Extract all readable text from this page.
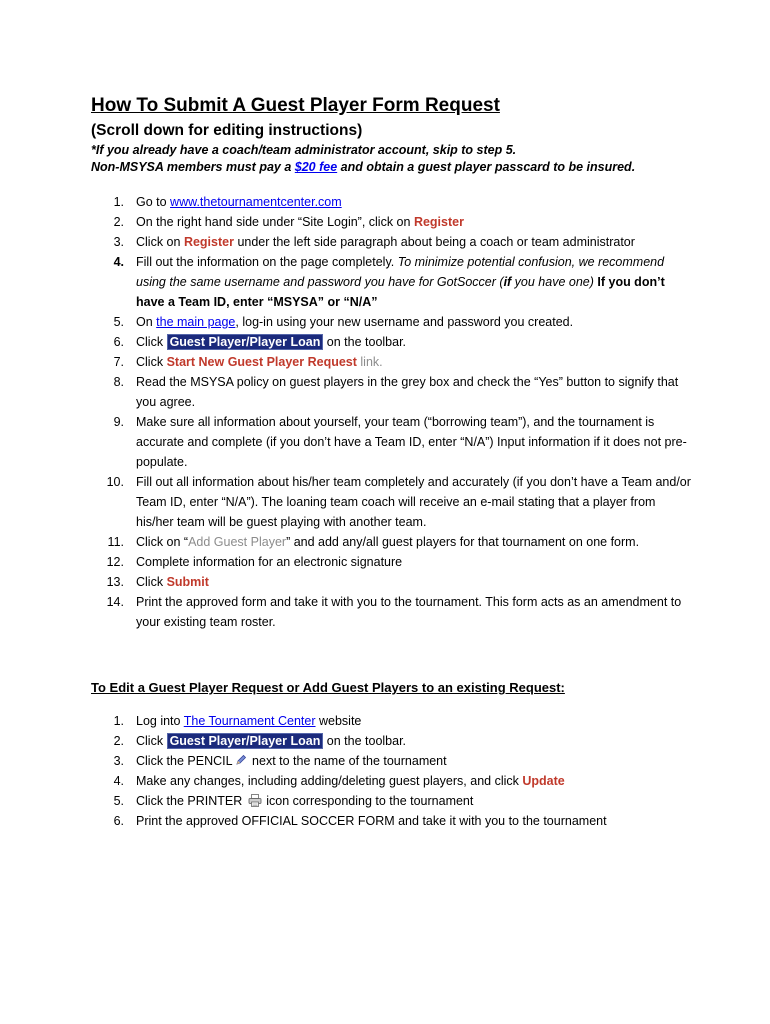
How To Submit A Guest Player Form Request
(Scroll down for editing instructions)
*If you already have a coach/team administrator account, skip to step 5.
Non-MSYSA members must pay a $20 fee and obtain a guest player passcard to be insured.
1. Go to www.thetournamentcenter.com
2. On the right hand side under “Site Login”, click on Register
3. Click on Register under the left side paragraph about being a coach or team administrator
4. Fill out the information on the page completely. To minimize potential confusion, we recommend using the same username and password you have for GotSoccer (if you have one) If you don’t have a Team ID, enter “MSYSA” or “N/A”
5. On the main page, log-in using your new username and password you created.
6. Click Guest Player/Player Loan on the toolbar.
7. Click Start New Guest Player Request link.
8. Read the MSYSA policy on guest players in the grey box and check the “Yes” button to signify that you agree.
9. Make sure all information about yourself, your team (“borrowing team”), and the tournament is accurate and complete (if you don’t have a Team ID, enter “N/A”) Input information if it does not pre-populate.
10. Fill out all information about his/her team completely and accurately (if you don’t have a Team and/or Team ID, enter “N/A”). The loaning team coach will receive an e-mail stating that a player from his/her team will be guest playing with another team.
11. Click on “Add Guest Player” and add any/all guest players for that tournament on one form.
12. Complete information for an electronic signature
13. Click Submit
14. Print the approved form and take it with you to the tournament. This form acts as an amendment to your existing team roster.
To Edit a Guest Player Request or Add Guest Players to an existing Request:
1. Log into The Tournament Center website
2. Click Guest Player/Player Loan on the toolbar.
3. Click the PENCIL next to the name of the tournament
4. Make any changes, including adding/deleting guest players, and click Update
5. Click the PRINTER icon corresponding to the tournament
6. Print the approved OFFICIAL SOCCER FORM and take it with you to the tournament
